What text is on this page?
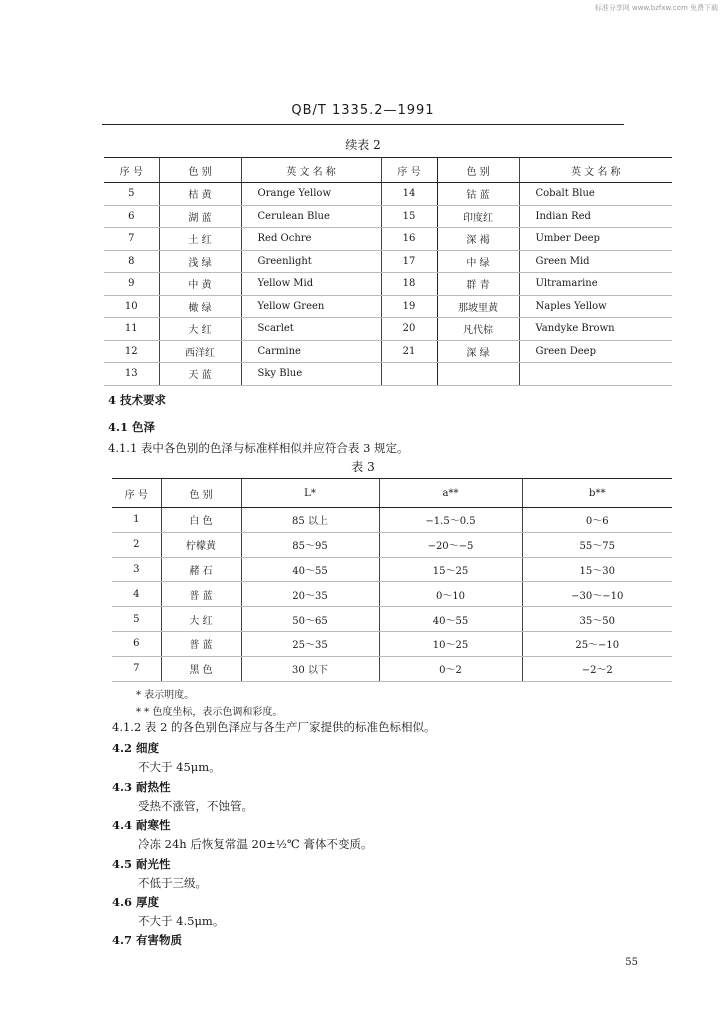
标准分享网 www.bzfxw.com 免费下载
QB/T 1335.2—1991
续表 2
序 号	色 别	英 文 名 称	序 号	色 别	英 文 名 称
5	桔 黄	Orange Yellow	14	钴 蓝	Cobalt Blue
6	湖 蓝	Cerulean Blue	15	印度红	Indian Red
7	土 红	Red Ochre	16	深 褐	Umber Deep
8	浅 绿	Greenlight	17	中 绿	Green Mid
9	中 黄	Yellow Mid	18	群 青	Ultramarine
10	橄 绿	Yellow Green	19	那坡里黄	Naples Yellow
11	大 红	Scarlet	20	凡代棕	Vandyke Brown
12	西洋红	Carmine	21	深 绿	Green Deep
13	天 蓝	Sky Blue			
4 技术要求
4.1 色泽
4.1.1 表中各色别的色泽与标准样相似并应符合表 3 规定。
表 3
序 号	色 别	L*	a**	b**
1	白 色	85 以上	−1.5～0.5	0～6
2	柠檬黄	85～95	−20～−5	55～75
3	赭 石	40～55	15～25	15～30
4	普 蓝	20～35	0～10	−30～−10
5	大 红	50～65	40～55	35～50
6	普 蓝	25～35	10～25	25～−10
7	黑 色	30 以下	0～2	−2～2
* 表示明度。
* * 色度坐标，表示色调和彩度。
4.1.2 表 2 的各色别色泽应与各生产厂家提供的标准色标相似。
4.2 细度
不大于 45μm。
4.3 耐热性
受热不涨管，不蚀管。
4.4 耐寒性
冷冻 24h 后恢复常温 20±½℃ 膏体不变质。
4.5 耐光性
不低于三级。
4.6 厚度
不大于 4.5μm。
4.7 有害物质
55
